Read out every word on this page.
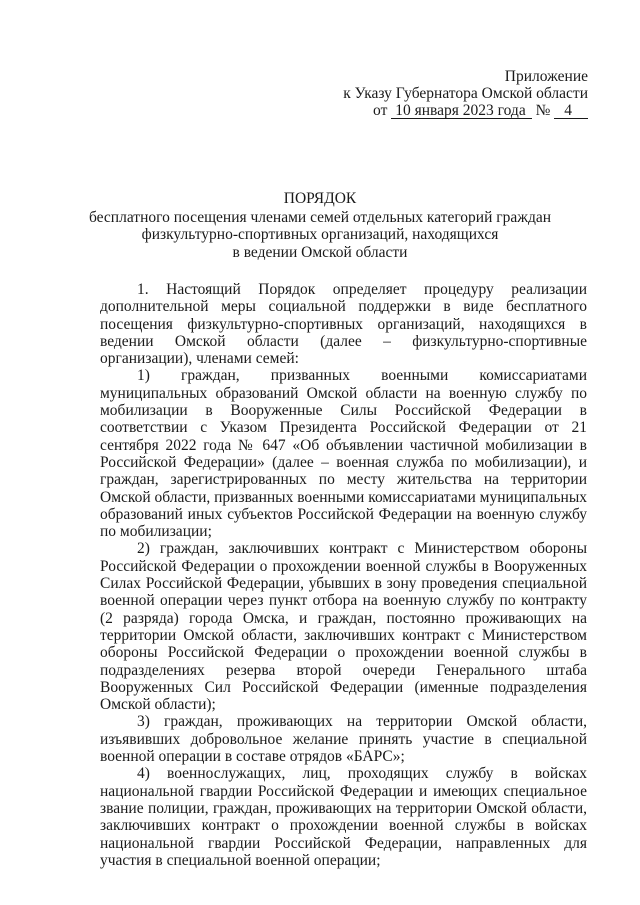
Приложение
к Указу Губернатора Омской области
от 10 января 2023 года № 4
ПОРЯДОК
бесплатного посещения членами семей отдельных категорий граждан
физкультурно-спортивных организаций, находящихся
в ведении Омской области

1. Настоящий Порядок определяет процедуру реализации дополнительной меры социальной поддержки в виде бесплатного посещения физкультурно-спортивных организаций, находящихся в ведении Омской области (далее – физкультурно-спортивные организации), членами семей:

1) граждан, призванных военными комиссариатами муниципальных образований Омской области на военную службу по мобилизации в Вооруженные Силы Российской Федерации в соответствии с Указом Президента Российской Федерации от 21 сентября 2022 года № 647 «Об объявлении частичной мобилизации в Российской Федерации» (далее – военная служба по мобилизации), и граждан, зарегистрированных по месту жительства на территории Омской области, призванных военными комиссариатами муниципальных образований иных субъектов Российской Федерации на военную службу по мобилизации;

2) граждан, заключивших контракт с Министерством обороны Российской Федерации о прохождении военной службы в Вооруженных Силах Российской Федерации, убывших в зону проведения специальной военной операции через пункт отбора на военную службу по контракту (2 разряда) города Омска, и граждан, постоянно проживающих на территории Омской области, заключивших контракт с Министерством обороны Российской Федерации о прохождении военной службы в подразделениях резерва второй очереди Генерального штаба Вооруженных Сил Российской Федерации (именные подразделения Омской области);

3) граждан, проживающих на территории Омской области, изъявивших добровольное желание принять участие в специальной военной операции в составе отрядов «БАРС»;

4) военнослужащих, лиц, проходящих службу в войсках национальной гвардии Российской Федерации и имеющих специальное звание полиции, граждан, проживающих на территории Омской области, заключивших контракт о прохождении военной службы в войсках национальной гвардии Российской Федерации, направленных для участия в специальной военной операции;
